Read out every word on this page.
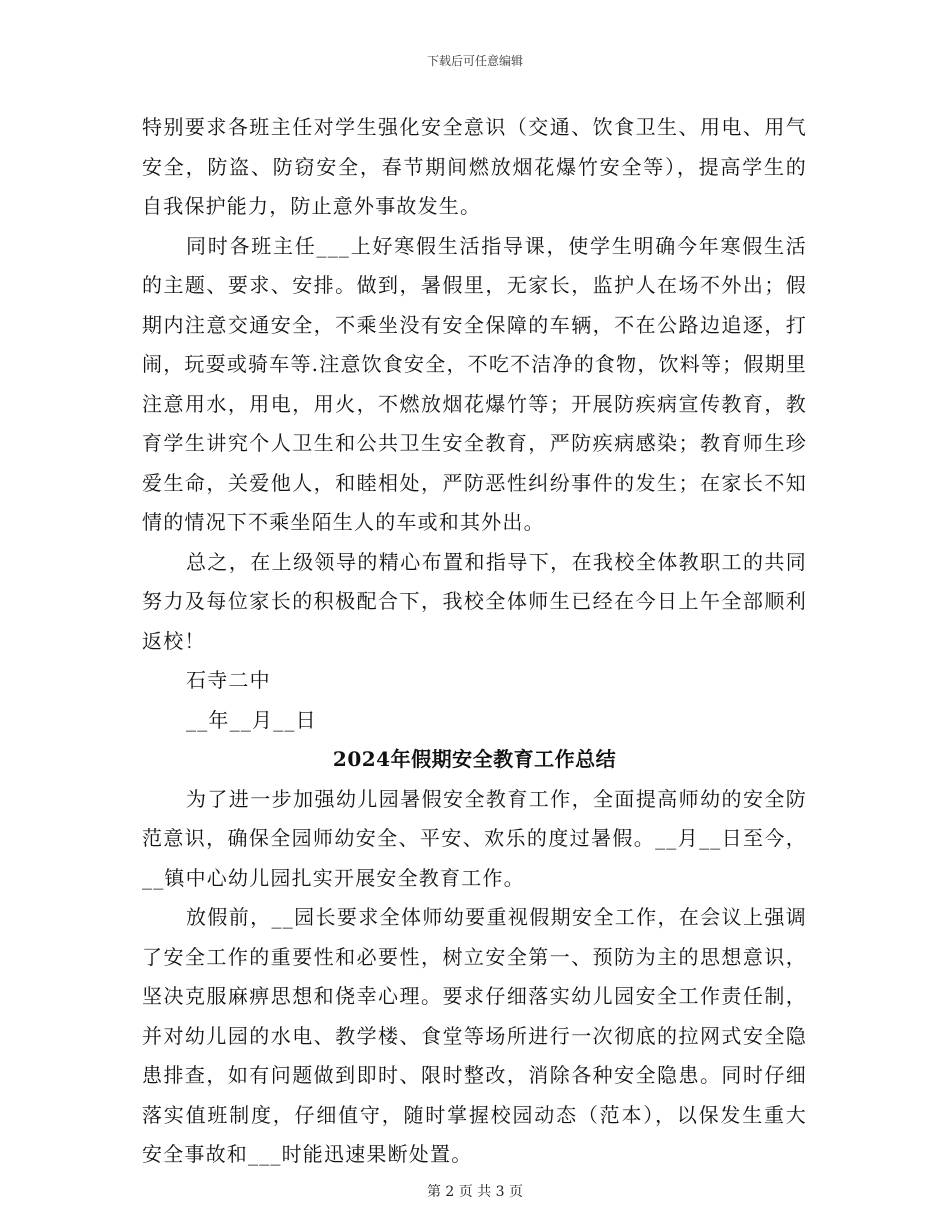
下载后可任意编辑

特别要求各班主任对学生强化安全意识（交通、饮食卫生、用电、用气安全，防盗、防窃安全，春节期间燃放烟花爆竹安全等），提高学生的自我保护能力，防止意外事故发生。

同时各班主任___上好寒假生活指导课，使学生明确今年寒假生活的主题、要求、安排。做到，暑假里，无家长，监护人在场不外出；假期内注意交通安全，不乘坐没有安全保障的车辆，不在公路边追逐，打闹，玩耍或骑车等.注意饮食安全，不吃不洁净的食物，饮料等；假期里注意用水，用电，用火，不燃放烟花爆竹等；开展防疾病宣传教育，教育学生讲究个人卫生和公共卫生安全教育，严防疾病感染；教育师生珍爱生命，关爱他人，和睦相处，严防恶性纠纷事件的发生；在家长不知情的情况下不乘坐陌生人的车或和其外出。

总之，在上级领导的精心布置和指导下，在我校全体教职工的共同努力及每位家长的积极配合下，我校全体师生已经在今日上午全部顺利返校！

石寺二中

__年__月__日

2024年假期安全教育工作总结

为了进一步加强幼儿园暑假安全教育工作，全面提高师幼的安全防范意识，确保全园师幼安全、平安、欢乐的度过暑假。__月__日至今，__镇中心幼儿园扎实开展安全教育工作。

放假前，__园长要求全体师幼要重视假期安全工作，在会议上强调了安全工作的重要性和必要性，树立安全第一、预防为主的思想意识，坚决克服麻痹思想和侥幸心理。要求仔细落实幼儿园安全工作责任制，并对幼儿园的水电、教学楼、食堂等场所进行一次彻底的拉网式安全隐患排查，如有问题做到即时、限时整改，消除各种安全隐患。同时仔细落实值班制度，仔细值守，随时掌握校园动态（范本），以保发生重大安全事故和___时能迅速果断处置。

第 2 页 共 3 页
